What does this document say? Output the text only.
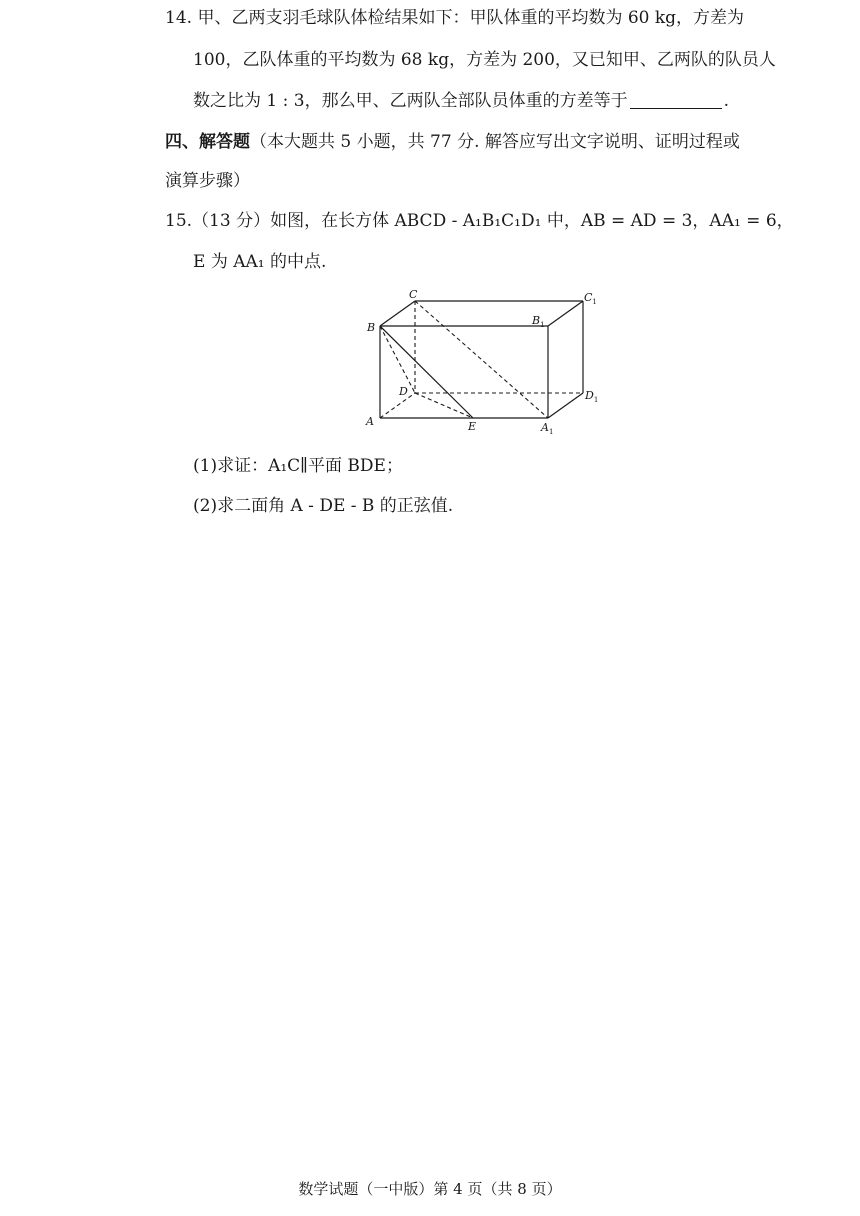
14. 甲、乙两支羽毛球队体检结果如下：甲队体重的平均数为 60 kg，方差为
100，乙队体重的平均数为 68 kg，方差为 200，又已知甲、乙两队的队员人
数之比为 1 : 3，那么甲、乙两队全部队员体重的方差等于	.
四、解答题（本大题共 5 小题，共 77 分. 解答应写出文字说明、证明过程或
演算步骤）
15.（13 分）如图，在长方体 ABCD - A₁B₁C₁D₁ 中，AB = AD = 3，AA₁ = 6，
E 为 AA₁ 的中点.
B
C	$C_1$
$B_1$
D	$D_1$
A	E	$A_1$
(1)求证：A₁C∥平面 BDE；
(2)求二面角 A - DE - B 的正弦值.
数学试题（一中版）第 4 页（共 8 页）
